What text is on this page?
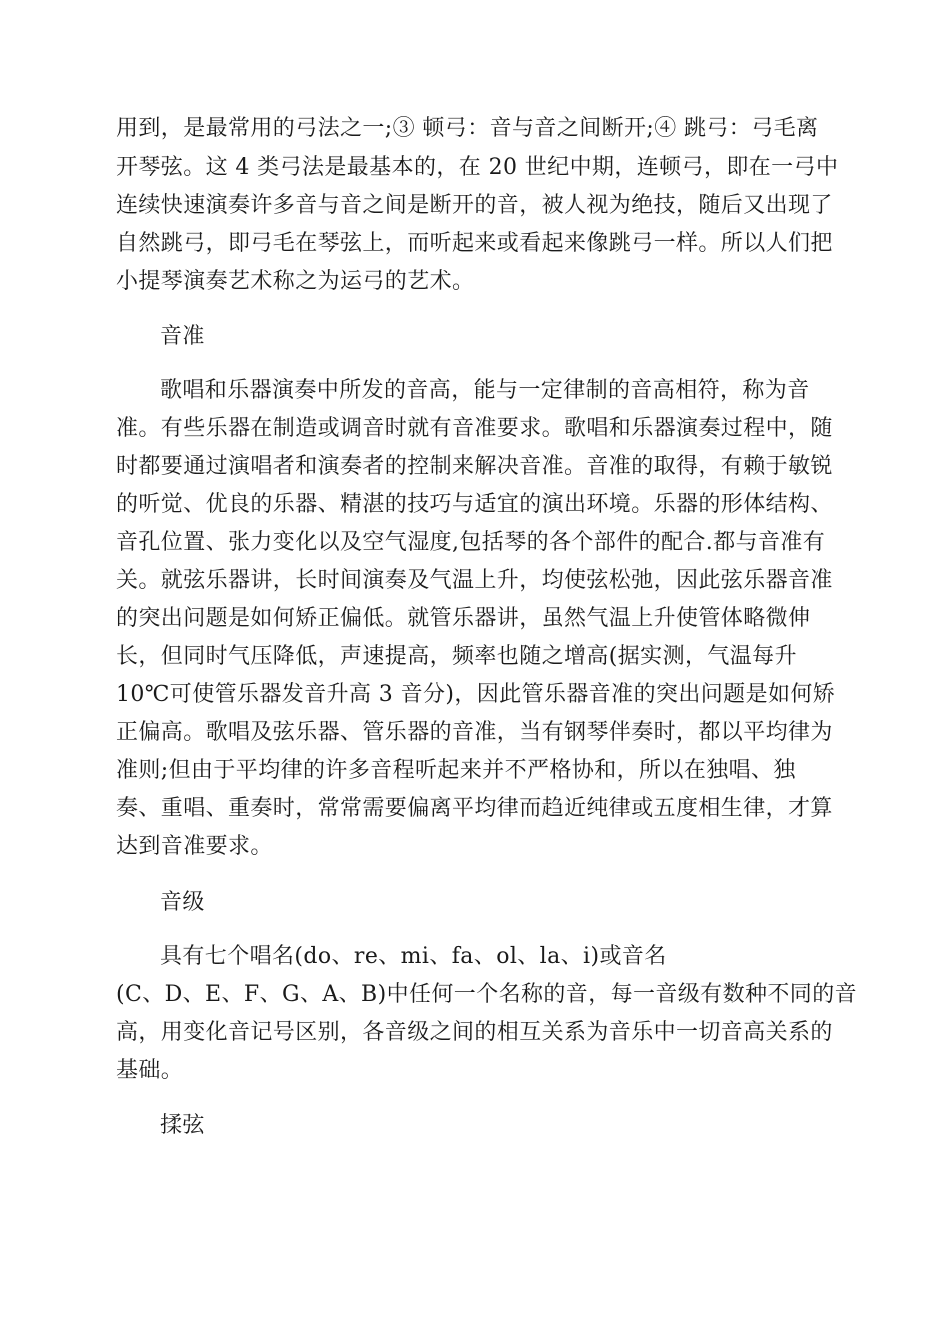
用到，是最常用的弓法之一;③ 顿弓：音与音之间断开;④ 跳弓：弓毛离
开琴弦。这 4 类弓法是最基本的，在 20 世纪中期，连顿弓，即在一弓中
连续快速演奏许多音与音之间是断开的音，被人视为绝技，随后又出现了
自然跳弓，即弓毛在琴弦上，而听起来或看起来像跳弓一样。所以人们把
小提琴演奏艺术称之为运弓的艺术。
音准
歌唱和乐器演奏中所发的音高，能与一定律制的音高相符，称为音
准。有些乐器在制造或调音时就有音准要求。歌唱和乐器演奏过程中，随
时都要通过演唱者和演奏者的控制来解决音准。音准的取得，有赖于敏锐
的听觉、优良的乐器、精湛的技巧与适宜的演出环境。乐器的形体结构、
音孔位置、张力变化以及空气湿度,包括琴的各个部件的配合.都与音准有
关。就弦乐器讲，长时间演奏及气温上升，均使弦松弛，因此弦乐器音准
的突出问题是如何矫正偏低。就管乐器讲，虽然气温上升使管体略微伸
长，但同时气压降低，声速提高，频率也随之增高(据实测，气温每升
10℃可使管乐器发音升高 3 音分)，因此管乐器音准的突出问题是如何矫
正偏高。歌唱及弦乐器、管乐器的音准，当有钢琴伴奏时，都以平均律为
准则;但由于平均律的许多音程听起来并不严格协和，所以在独唱、独
奏、重唱、重奏时，常常需要偏离平均律而趋近纯律或五度相生律，才算
达到音准要求。
音级
具有七个唱名(do、re、mi、fa、ol、la、i)或音名
(C、D、E、F、G、A、B)中任何一个名称的音，每一音级有数种不同的音
高，用变化音记号区别，各音级之间的相互关系为音乐中一切音高关系的
基础。
揉弦
